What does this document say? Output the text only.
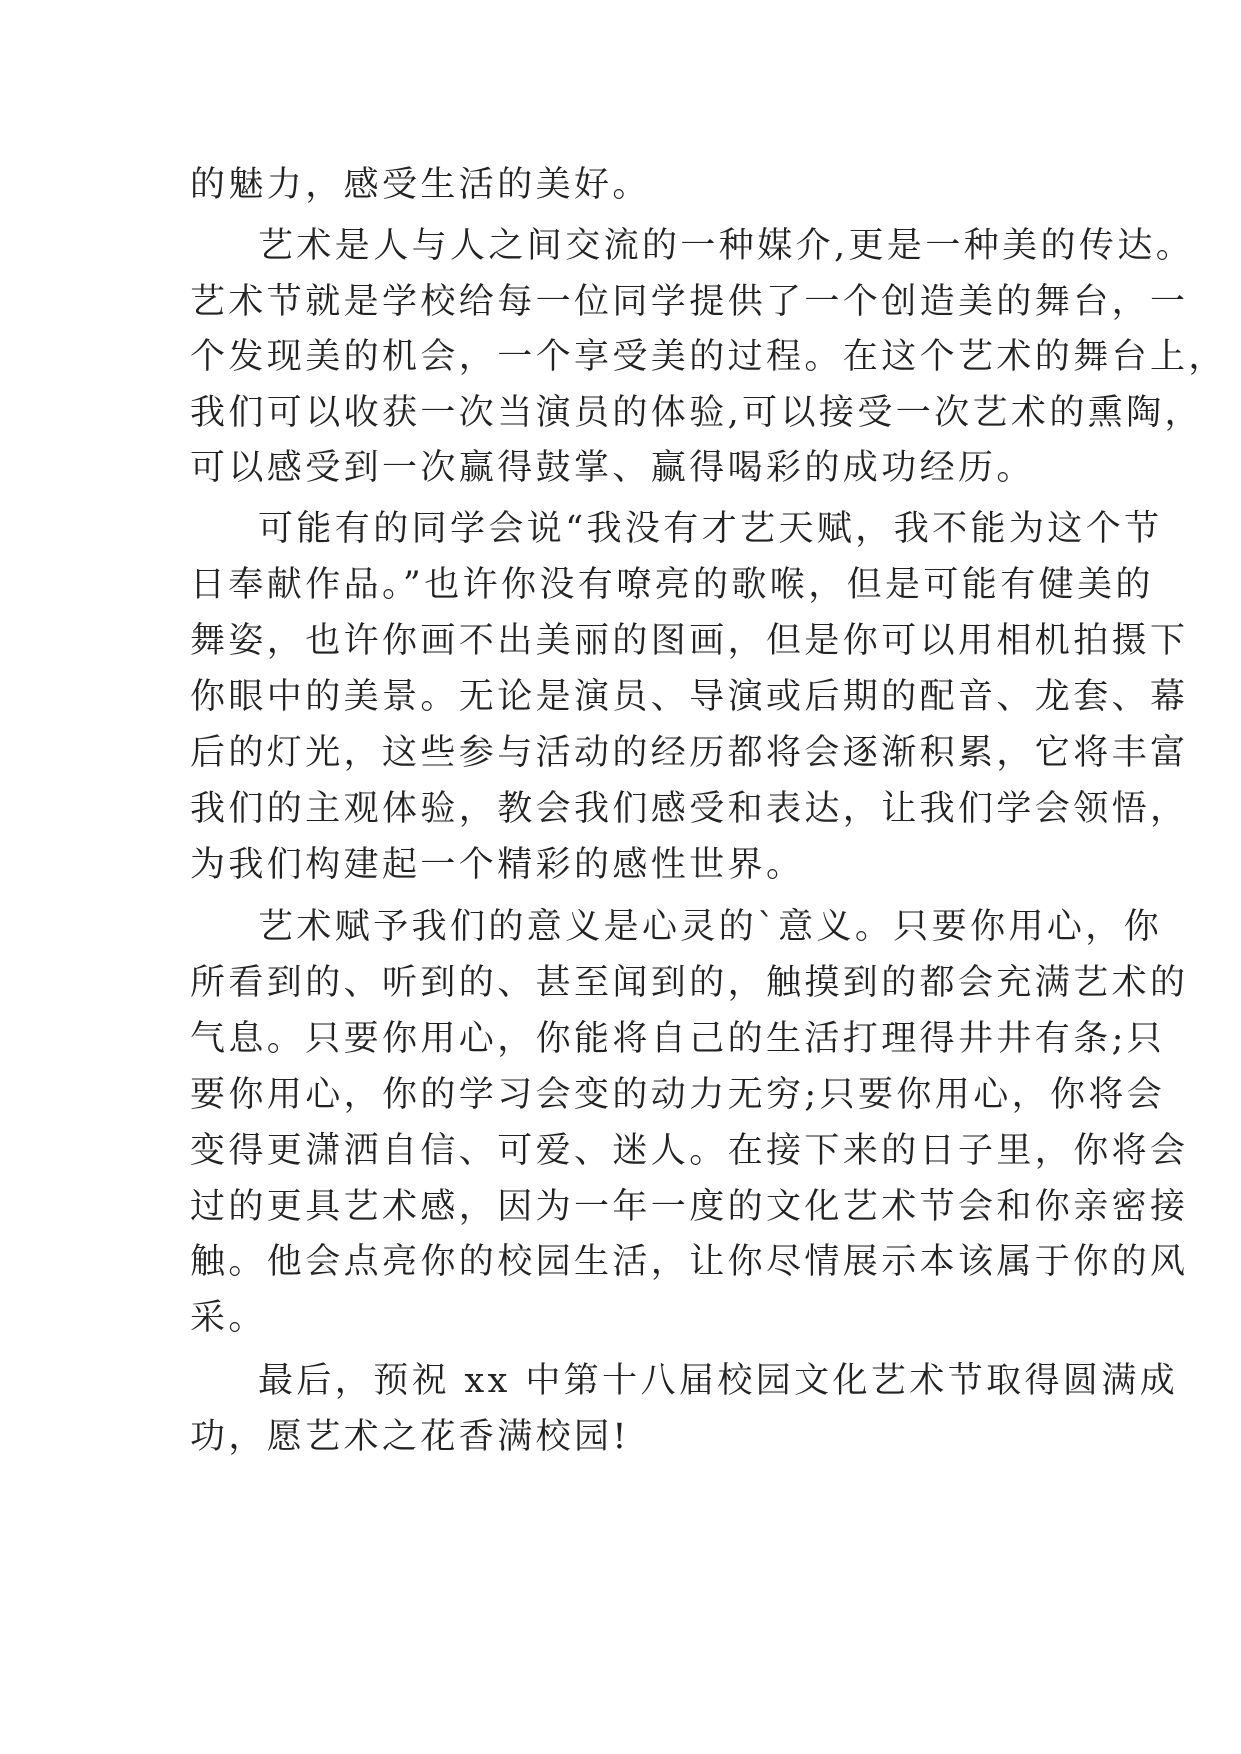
的魅力，感受生活的美好。

艺术是人与人之间交流的一种媒介,更是一种美的传达。

艺术节就是学校给每一位同学提供了一个创造美的舞台，一

个发现美的机会，一个享受美的过程。在这个艺术的舞台上，

我们可以收获一次当演员的体验,可以接受一次艺术的熏陶，

可以感受到一次赢得鼓掌、赢得喝彩的成功经历。

可能有的同学会说“我没有才艺天赋，我不能为这个节

日奉献作品。”也许你没有嘹亮的歌喉，但是可能有健美的

舞姿，也许你画不出美丽的图画，但是你可以用相机拍摄下

你眼中的美景。无论是演员、导演或后期的配音、龙套、幕

后的灯光，这些参与活动的经历都将会逐渐积累，它将丰富

我们的主观体验，教会我们感受和表达，让我们学会领悟，

为我们构建起一个精彩的感性世界。

艺术赋予我们的意义是心灵的`意义。只要你用心，你

所看到的、听到的、甚至闻到的，触摸到的都会充满艺术的

气息。只要你用心，你能将自己的生活打理得井井有条;只

要你用心，你的学习会变的动力无穷;只要你用心，你将会

变得更潇洒自信、可爱、迷人。在接下来的日子里，你将会

过的更具艺术感，因为一年一度的文化艺术节会和你亲密接

触。他会点亮你的校园生活，让你尽情展示本该属于你的风

采。

最后，预祝 xx 中第十八届校园文化艺术节取得圆满成

功，愿艺术之花香满校园!
